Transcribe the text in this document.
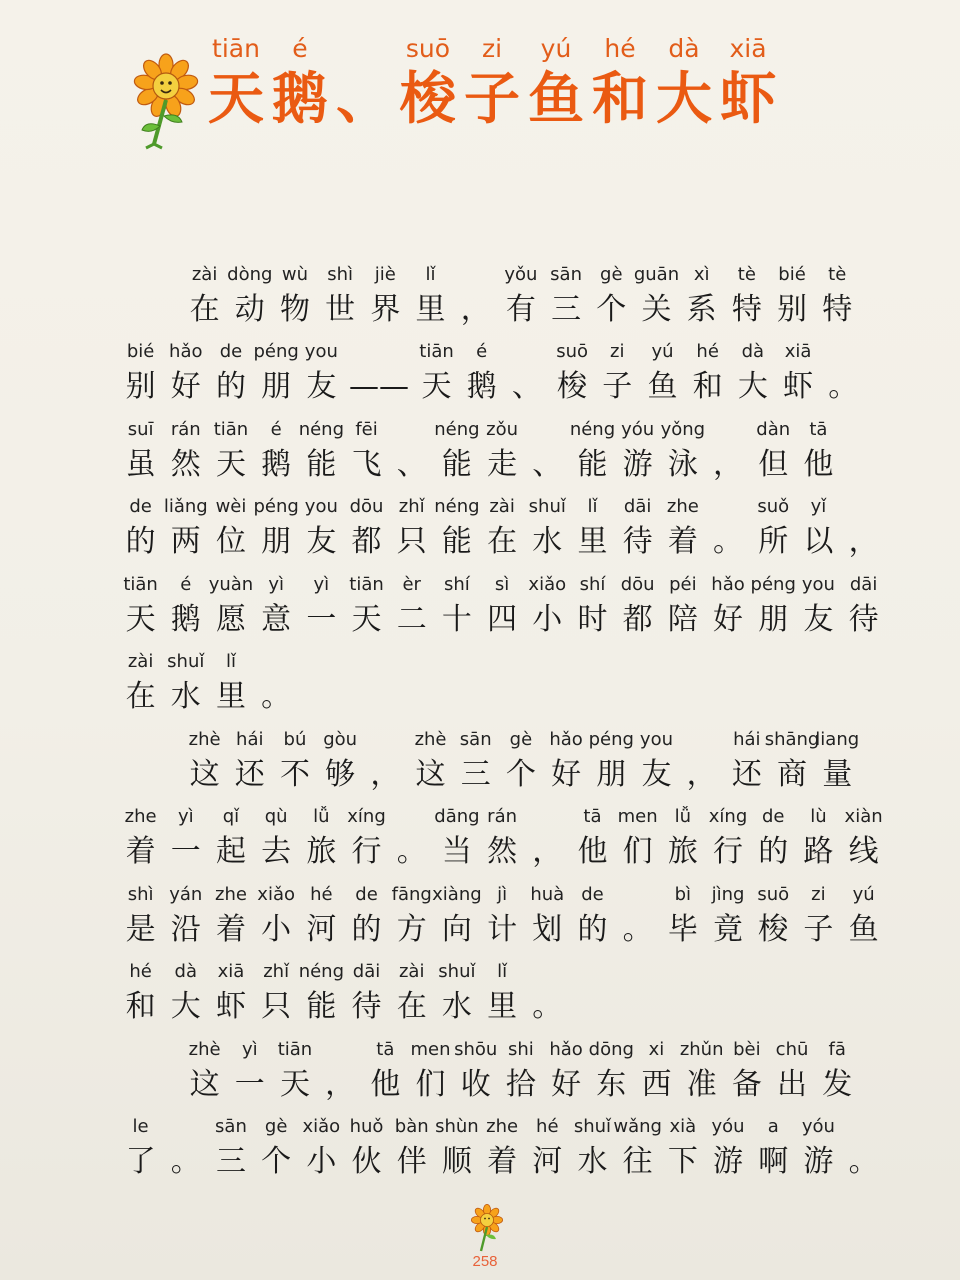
tiān
天
é
鹅 、
suō
梭
zi
子
yú
鱼
hé
和
dà
大
xiā
虾
zài
在
dòng
动
wù
物
shì
世
jiè
界
lǐ
里 ，
yǒu
有
sān
三
gè
个
guān
关
xì
系
tè
特
bié
别
tè
特
bié
别
hǎo
好
de
的
péng
朋
you
友 ——
tiān
天
é
鹅 、
suō
梭
zi
子
yú
鱼
hé
和
dà
大
xiā
虾 。
suī
虽
rán
然
tiān
天
é
鹅
néng
能
fēi
飞 、
néng
能
zǒu
走 、
néng
能
yóu
游
yǒng
泳 ，
dàn
但
tā
他
de
的
liǎng
两
wèi
位
péng
朋
you
友
dōu
都
zhǐ
只
néng
能
zài
在
shuǐ
水
lǐ
里
dāi
待
zhe
着 。
suǒ
所
yǐ
以 ，
tiān
天
é
鹅
yuàn
愿
yì
意
yì
一
tiān
天
èr
二
shí
十
sì
四
xiǎo
小
shí
时
dōu
都
péi
陪
hǎo
好
péng
朋
you
友
dāi
待
zài
在
shuǐ
水
lǐ
里 。
zhè
这
hái
还
bú
不
gòu
够 ，
zhè
这
sān
三
gè
个
hǎo
好
péng
朋
you
友 ，
hái
还
shāng
商
liang
量
zhe
着
yì
一
qǐ
起
qù
去
lǚ
旅
xíng
行 。
dāng
当
rán
然 ，
tā
他
men
们
lǚ
旅
xíng
行
de
的
lù
路
xiàn
线
shì
是
yán
沿
zhe
着
xiǎo
小
hé
河
de
的
fāng
方
xiàng
向
jì
计
huà
划
de
的 。
bì
毕
jìng
竟
suō
梭
zi
子
yú
鱼
hé
和
dà
大
xiā
虾
zhǐ
只
néng
能
dāi
待
zài
在
shuǐ
水
lǐ
里 。
zhè
这
yì
一
tiān
天 ，
tā
他
men
们
shōu
收
shi
拾
hǎo
好
dōng
东
xi
西
zhǔn
准
bèi
备
chū
出
fā
发
le
了 。
sān
三
gè
个
xiǎo
小
huǒ
伙
bàn
伴
shùn
顺
zhe
着
hé
河
shuǐ
水
wǎng
往
xià
下
yóu
游
a
啊
yóu
游 。
258
